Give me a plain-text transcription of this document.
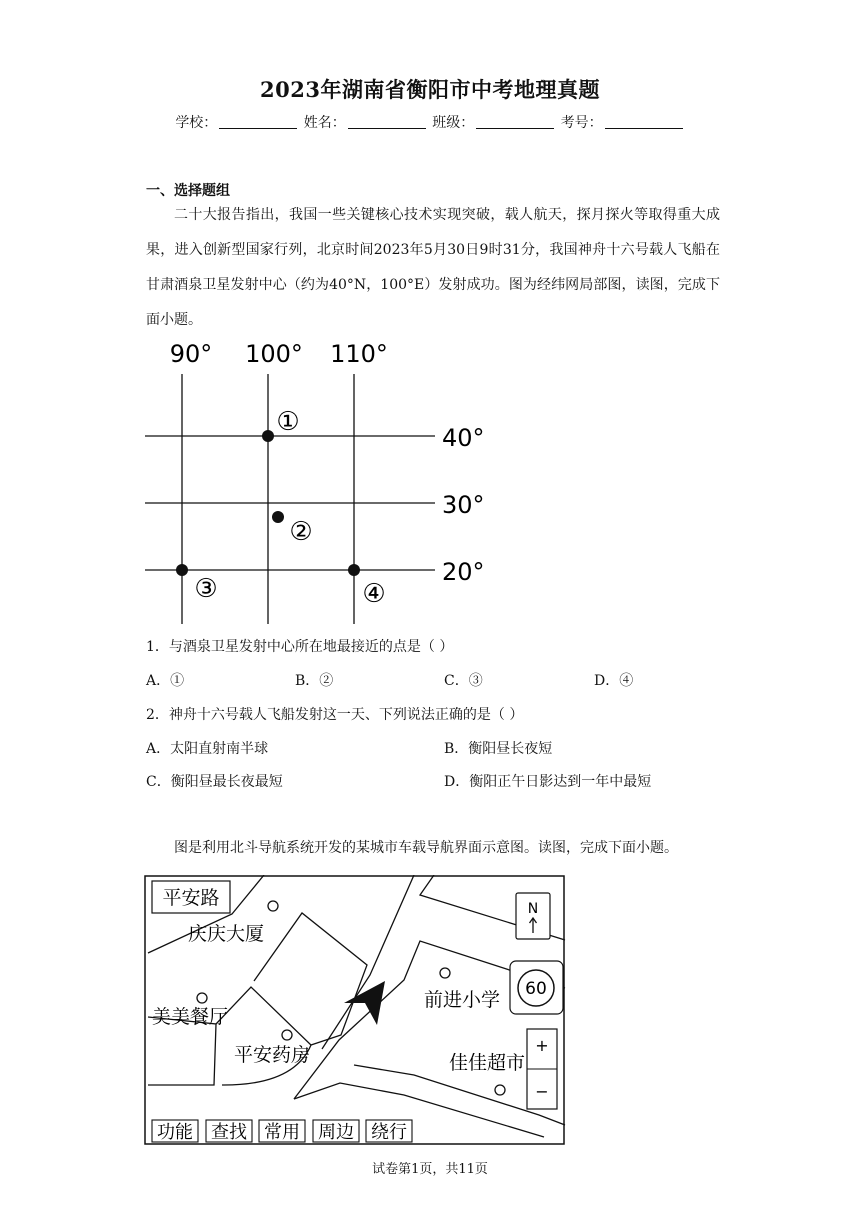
2023年湖南省衡阳市中考地理真题
学校：	姓名：	班级：	考号：
一、选择题组
二十大报告指出，我国一些关键核心技术实现突破，载人航天，探月探火等取得重大成果，进入创新型国家行列，北京时间2023年5月30日9时31分，我国神舟十六号载人飞船在甘肃酒泉卫星发射中心（约为40°N，100°E）发射成功。图为经纬网局部图，读图，完成下面小题。
90° 100° 110°
40°
30°
20°
①
②
③	④
1．与酒泉卫星发射中心所在地最接近的点是（ ）
A．①	B．②	C．③	D．④
2．神舟十六号载人飞船发射这一天、下列说法正确的是（ ）
A．太阳直射南半球	B．衡阳昼长夜短
C．衡阳昼最长夜最短	D．衡阳正午日影达到一年中最短
图是利用北斗导航系统开发的某城市车载导航界面示意图。读图，完成下面小题。
平安路
庆庆大厦
美美餐厅
平安药房
前进小学
佳佳超市
N
60
+
−
功能 查找 常用 周边 绕行
试卷第1页，共11页
